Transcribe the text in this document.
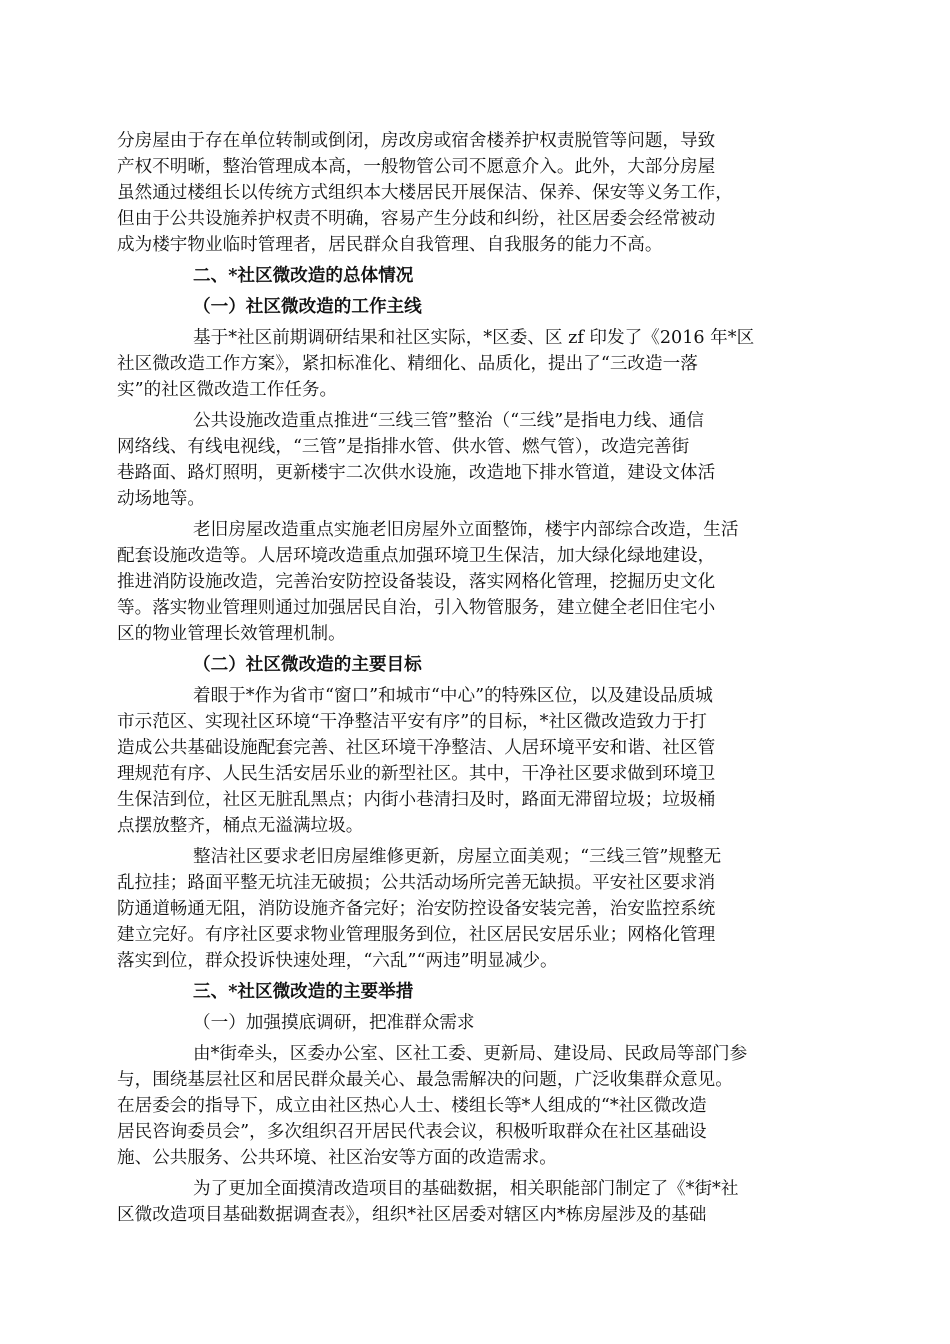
分房屋由于存在单位转制或倒闭，房改房或宿舍楼养护权责脱管等问题，导致
产权不明晰，整治管理成本高，一般物管公司不愿意介入。此外，大部分房屋
虽然通过楼组长以传统方式组织本大楼居民开展保洁、保养、保安等义务工作，
但由于公共设施养护权责不明确，容易产生分歧和纠纷，社区居委会经常被动
成为楼宇物业临时管理者，居民群众自我管理、自我服务的能力不高。
二、*社区微改造的总体情况
（一）社区微改造的工作主线
基于*社区前期调研结果和社区实际，*区委、区 zf 印发了《2016 年*区
社区微改造工作方案》，紧扣标准化、精细化、品质化，提出了“三改造一落
实”的社区微改造工作任务。
公共设施改造重点推进“三线三管”整治（“三线”是指电力线、通信
网络线、有线电视线，“三管”是指排水管、供水管、燃气管），改造完善街
巷路面、路灯照明，更新楼宇二次供水设施，改造地下排水管道，建设文体活
动场地等。
老旧房屋改造重点实施老旧房屋外立面整饰，楼宇内部综合改造，生活
配套设施改造等。人居环境改造重点加强环境卫生保洁，加大绿化绿地建设，
推进消防设施改造，完善治安防控设备装设，落实网格化管理，挖掘历史文化
等。落实物业管理则通过加强居民自治，引入物管服务，建立健全老旧住宅小
区的物业管理长效管理机制。
（二）社区微改造的主要目标
着眼于*作为省市“窗口”和城市“中心”的特殊区位，以及建设品质城
市示范区、实现社区环境“干净整洁平安有序”的目标，*社区微改造致力于打
造成公共基础设施配套完善、社区环境干净整洁、人居环境平安和谐、社区管
理规范有序、人民生活安居乐业的新型社区。其中，干净社区要求做到环境卫
生保洁到位，社区无脏乱黑点；内街小巷清扫及时，路面无滞留垃圾；垃圾桶
点摆放整齐，桶点无溢满垃圾。
整洁社区要求老旧房屋维修更新，房屋立面美观；“三线三管”规整无
乱拉挂；路面平整无坑洼无破损；公共活动场所完善无缺损。平安社区要求消
防通道畅通无阻，消防设施齐备完好；治安防控设备安装完善，治安监控系统
建立完好。有序社区要求物业管理服务到位，社区居民安居乐业；网格化管理
落实到位，群众投诉快速处理，“六乱”“两违”明显减少。
三、*社区微改造的主要举措
（一）加强摸底调研，把准群众需求
由*街牵头，区委办公室、区社工委、更新局、建设局、民政局等部门参
与，围绕基层社区和居民群众最关心、最急需解决的问题，广泛收集群众意见。
在居委会的指导下，成立由社区热心人士、楼组长等*人组成的“*社区微改造
居民咨询委员会”，多次组织召开居民代表会议，积极听取群众在社区基础设
施、公共服务、公共环境、社区治安等方面的改造需求。
为了更加全面摸清改造项目的基础数据，相关职能部门制定了《*街*社
区微改造项目基础数据调查表》，组织*社区居委对辖区内*栋房屋涉及的基础
